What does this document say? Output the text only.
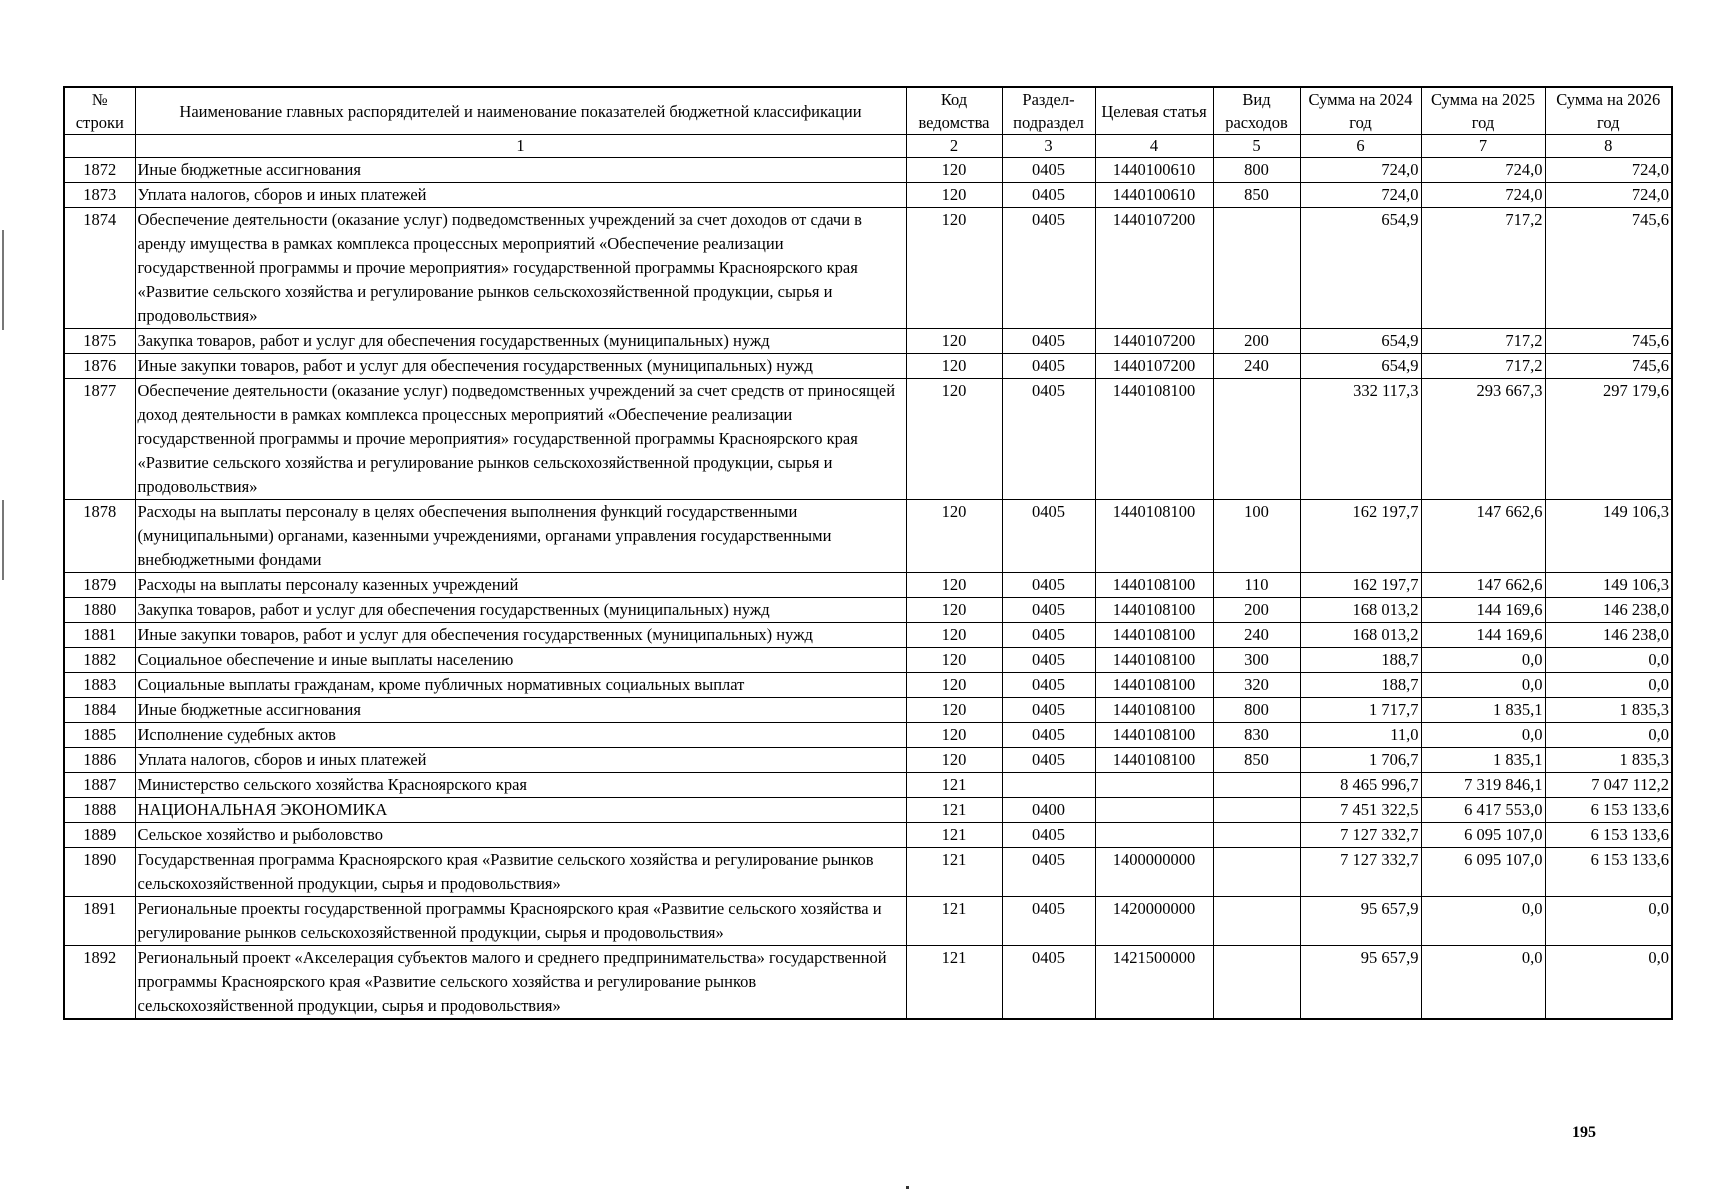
№ строки	Наименование главных распорядителей и наименование показателей бюджетной классификации	Код ведомства	Раздел-подраздел	Целевая статья	Вид расходов	Сумма на 2024 год	Сумма на 2025 год	Сумма на 2026 год
	1	2	3	4	5	6	7	8
1872	Иные бюджетные ассигнования	120	0405	1440100610	800	724,0	724,0	724,0
1873	Уплата налогов, сборов и иных платежей	120	0405	1440100610	850	724,0	724,0	724,0
1874	Обеспечение деятельности (оказание услуг) подведомственных учреждений за счет доходов от сдачи в аренду имущества в рамках комплекса процессных мероприятий «Обеспечение реализации государственной программы и прочие мероприятия» государственной программы Красноярского края «Развитие сельского хозяйства и регулирование рынков сельскохозяйственной продукции, сырья и продовольствия»	120	0405	1440107200		654,9	717,2	745,6
1875	Закупка товаров, работ и услуг для обеспечения государственных (муниципальных) нужд	120	0405	1440107200	200	654,9	717,2	745,6
1876	Иные закупки товаров, работ и услуг для обеспечения государственных (муниципальных) нужд	120	0405	1440107200	240	654,9	717,2	745,6
1877	Обеспечение деятельности (оказание услуг) подведомственных учреждений за счет средств от приносящей доход деятельности в рамках комплекса процессных мероприятий «Обеспечение реализации государственной программы и прочие мероприятия» государственной программы Красноярского края «Развитие сельского хозяйства и регулирование рынков сельскохозяйственной продукции, сырья и продовольствия»	120	0405	1440108100		332 117,3	293 667,3	297 179,6
1878	Расходы на выплаты персоналу в целях обеспечения выполнения функций государственными (муниципальными) органами, казенными учреждениями, органами управления государственными внебюджетными фондами	120	0405	1440108100	100	162 197,7	147 662,6	149 106,3
1879	Расходы на выплаты персоналу казенных учреждений	120	0405	1440108100	110	162 197,7	147 662,6	149 106,3
1880	Закупка товаров, работ и услуг для обеспечения государственных (муниципальных) нужд	120	0405	1440108100	200	168 013,2	144 169,6	146 238,0
1881	Иные закупки товаров, работ и услуг для обеспечения государственных (муниципальных) нужд	120	0405	1440108100	240	168 013,2	144 169,6	146 238,0
1882	Социальное обеспечение и иные выплаты населению	120	0405	1440108100	300	188,7	0,0	0,0
1883	Социальные выплаты гражданам, кроме публичных нормативных социальных выплат	120	0405	1440108100	320	188,7	0,0	0,0
1884	Иные бюджетные ассигнования	120	0405	1440108100	800	1 717,7	1 835,1	1 835,3
1885	Исполнение судебных актов	120	0405	1440108100	830	11,0	0,0	0,0
1886	Уплата налогов, сборов и иных платежей	120	0405	1440108100	850	1 706,7	1 835,1	1 835,3
1887	Министерство сельского хозяйства Красноярского края	121				8 465 996,7	7 319 846,1	7 047 112,2
1888	НАЦИОНАЛЬНАЯ ЭКОНОМИКА	121	0400			7 451 322,5	6 417 553,0	6 153 133,6
1889	Сельское хозяйство и рыболовство	121	0405			7 127 332,7	6 095 107,0	6 153 133,6
1890	Государственная программа Красноярского края «Развитие сельского хозяйства и регулирование рынков сельскохозяйственной продукции, сырья и продовольствия»	121	0405	1400000000		7 127 332,7	6 095 107,0	6 153 133,6
1891	Региональные проекты государственной программы Красноярского края «Развитие сельского хозяйства и регулирование рынков сельскохозяйственной продукции, сырья и продовольствия»	121	0405	1420000000		95 657,9	0,0	0,0
1892	Региональный проект «Акселерация субъектов малого и среднего предпринимательства» государственной программы Красноярского края «Развитие сельского хозяйства и регулирование рынков сельскохозяйственной продукции, сырья и продовольствия»	121	0405	1421500000		95 657,9	0,0	0,0
195
